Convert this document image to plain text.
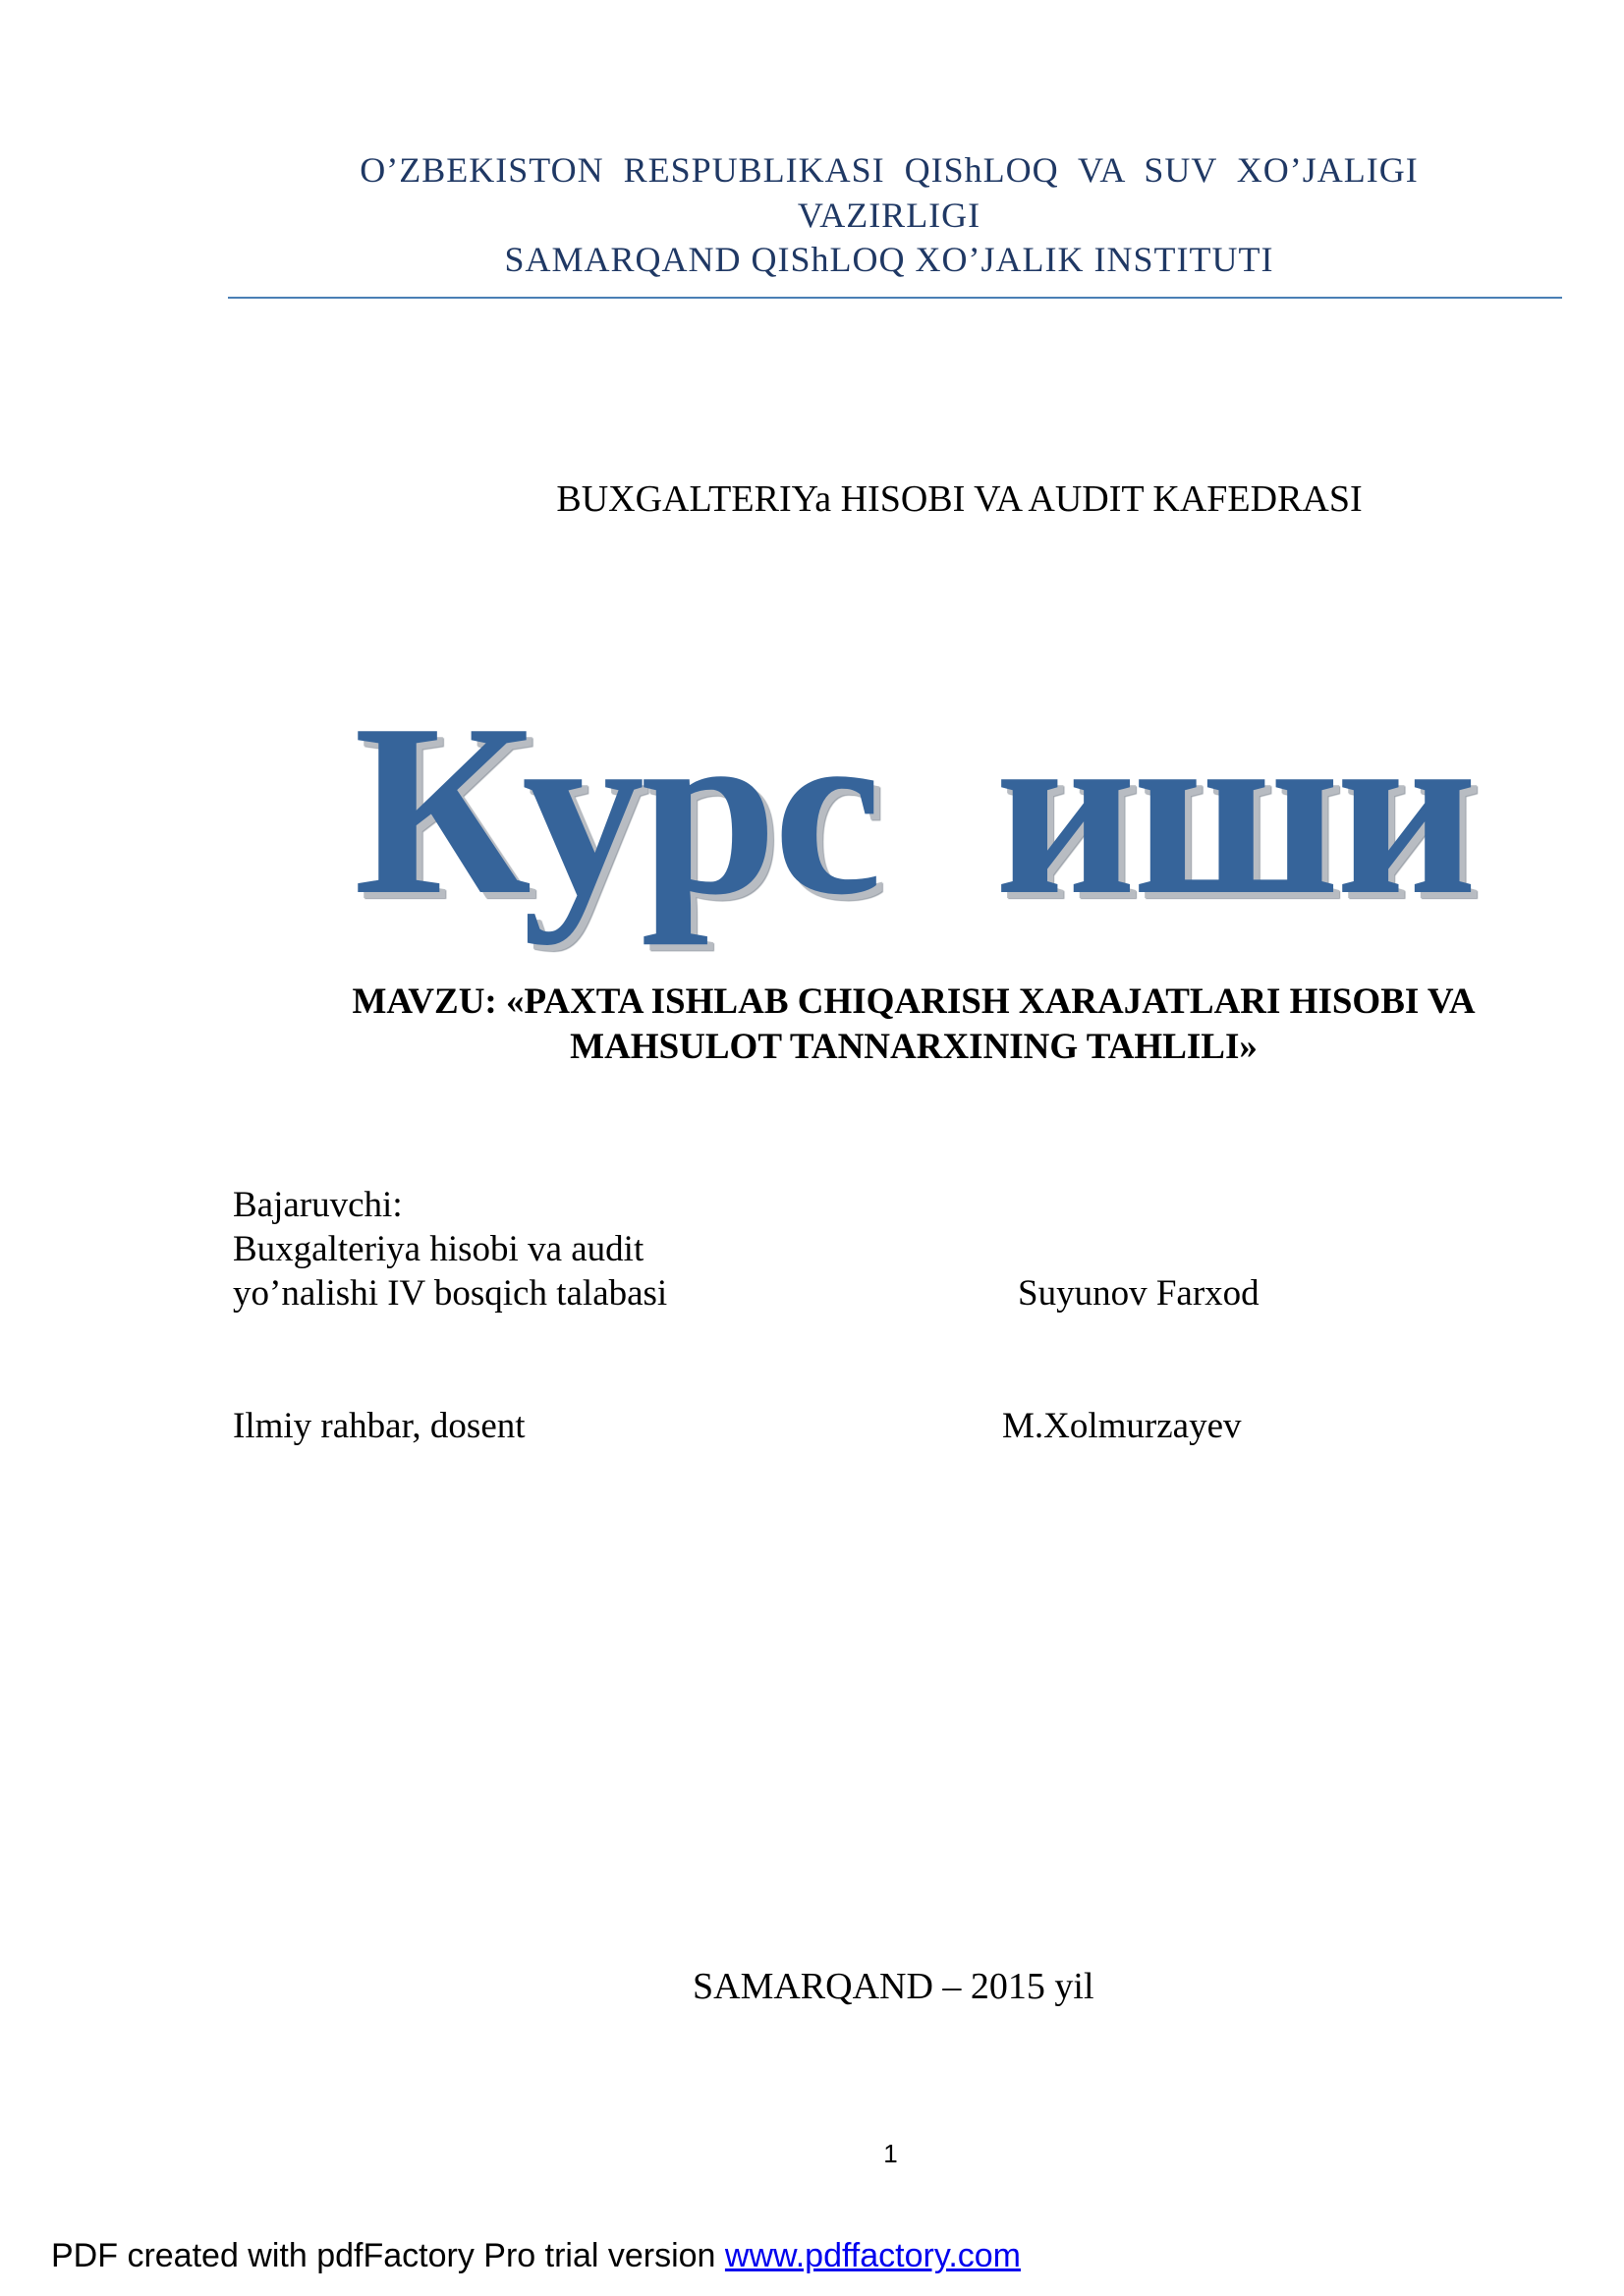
O’ZBEKISTON RESPUBLIKASI QIShLOQ VA SUV XO’JALIGI
VAZIRLIGI
SAMARQAND QIShLOQ XO’JALIK INSTITUTI
BUXGALTERIYa HISOBI VA AUDIT KAFEDRASI
Курс иши
MAVZU: «PAXTA ISHLAB CHIQARISH XARAJATLARI HISOBI VA
MAHSULOT TANNARXINING TAHLILI»
Bajaruvchi:
Buxgalteriya hisobi va audit
yo’nalishi IV bosqich talabasi	Suyunov Farxod
Ilmiy rahbar, dosent	M.Xolmurzayev
SAMARQAND – 2015 yil
1
PDF created with pdfFactory Pro trial version www.pdffactory.com
